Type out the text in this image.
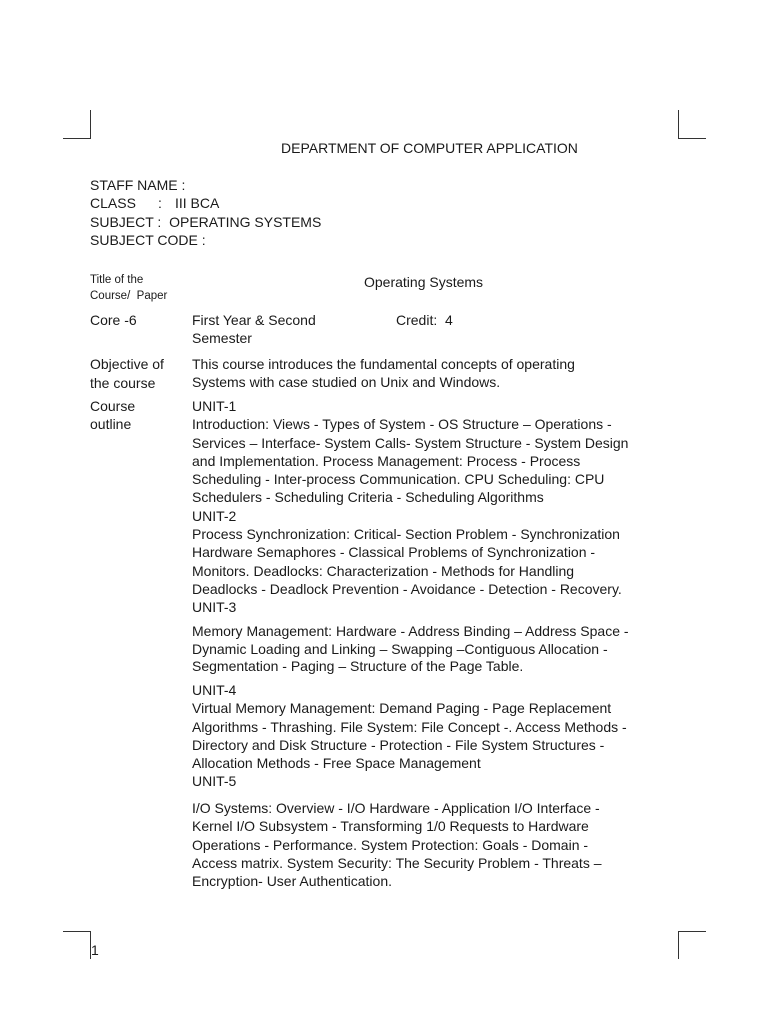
DEPARTMENT OF COMPUTER APPLICATION
STAFF NAME :
CLASS : III BCA
SUBJECT :  OPERATING SYSTEMS
SUBJECT CODE :
Title of the
Course/  Paper
Operating Systems
Core -6	First Year & Second
Semester
Credit:  4
Objective of
the course
This course introduces the fundamental concepts of operating
Systems with case studied on Unix and Windows.
Course
outline
UNIT-1
Introduction: Views - Types of System - OS Structure – Operations -
Services – Interface- System Calls- System Structure - System Design
and Implementation. Process Management: Process - Process
Scheduling - Inter-process Communication. CPU Scheduling: CPU
Schedulers - Scheduling Criteria - Scheduling Algorithms
UNIT-2
Process Synchronization: Critical- Section Problem - Synchronization
Hardware Semaphores - Classical Problems of Synchronization -
Monitors. Deadlocks: Characterization - Methods for Handling
Deadlocks - Deadlock Prevention - Avoidance - Detection - Recovery.
UNIT-3
Memory Management: Hardware - Address Binding – Address Space -
Dynamic Loading and Linking – Swapping –Contiguous Allocation -
Segmentation - Paging – Structure of the Page Table.
UNIT-4
Virtual Memory Management: Demand Paging - Page Replacement
Algorithms - Thrashing. File System: File Concept -. Access Methods -
Directory and Disk Structure - Protection - File System Structures -
Allocation Methods - Free Space Management
UNIT-5
I/O Systems: Overview - I/O Hardware - Application I/O Interface -
Kernel I/O Subsystem - Transforming 1/0 Requests to Hardware
Operations - Performance. System Protection: Goals - Domain -
Access matrix. System Security: The Security Problem - Threats –
Encryption- User Authentication.
1
